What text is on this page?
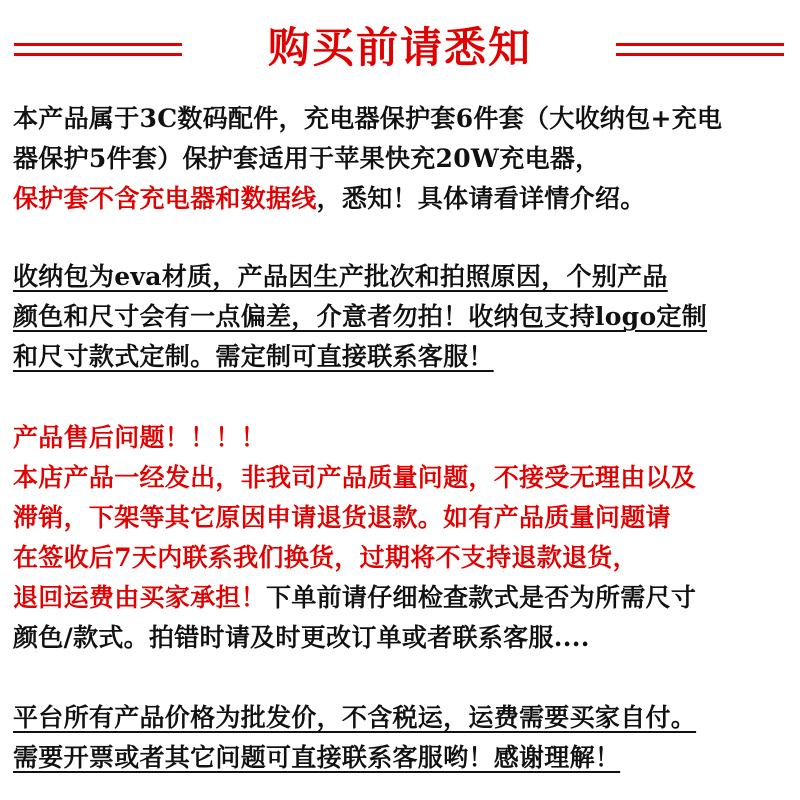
购买前请悉知
本产品属于3C数码配件，充电器保护套6件套（大收纳包+充电
器保护5件套）保护套适用于苹果快充20W充电器，
保护套不含充电器和数据线，悉知！具体请看详情介绍。
收纳包为eva材质，产品因生产批次和拍照原因，个别产品
颜色和尺寸会有一点偏差，介意者勿拍！收纳包支持logo定制
和尺寸款式定制。需定制可直接联系客服！
产品售后问题！！！！
本店产品一经发出，非我司产品质量问题，不接受无理由以及
滞销，下架等其它原因申请退货退款。如有产品质量问题请
在签收后7天内联系我们换货，过期将不支持退款退货，
退回运费由买家承担！下单前请仔细检查款式是否为所需尺寸
颜色/款式。拍错时请及时更改订单或者联系客服....
平台所有产品价格为批发价，不含税运，运费需要买家自付。
需要开票或者其它问题可直接联系客服哟！感谢理解！
